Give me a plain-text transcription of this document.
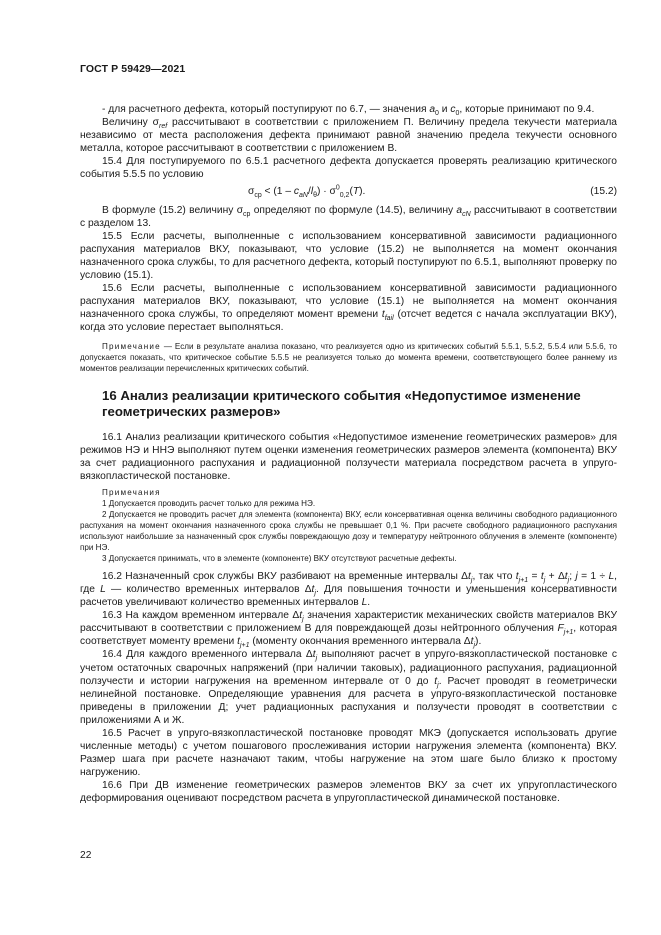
ГОСТ Р 59429—2021

- для расчетного дефекта, который поступируют по 6.7, — значения $a_0$ и $c_0$, которые принимают по 9.4.

Величину $\sigma_{ref}$ рассчитывают в соответствии с приложением П. Величину предела текучести материала независимо от места расположения дефекта принимают равной значению предела текучести основного металла, которое рассчитывают в соответствии с приложением В.

15.4 Для поступируемого по 6.5.1 расчетного дефекта допускается проверять реализацию критического события 5.5.5 по условию

$\sigma_{ср} < (1 - c_{aN}/l_\theta) \cdot \sigma^0_{0,2}(T)$.	(15.2)

В формуле (15.2) величину $\sigma_{ср}$ определяют по формуле (14.5), величину $a_{cN}$ рассчитывают в соответствии с разделом 13.

15.5 Если расчеты, выполненные с использованием консервативной зависимости радиационного распухания материалов ВКУ, показывают, что условие (15.2) не выполняется на момент окончания назначенного срока службы, то для расчетного дефекта, который поступируют по 6.5.1, выполняют проверку по условию (15.1).

15.6 Если расчеты, выполненные с использованием консервативной зависимости радиационного распухания материалов ВКУ, показывают, что условие (15.1) не выполняется на момент окончания назначенного срока службы, то определяют момент времени $t_{fail}$ (отсчет ведется с начала эксплуатации ВКУ), когда это условие перестает выполняться.

Примечание — Если в результате анализа показано, что реализуется одно из критических событий 5.5.1, 5.5.2, 5.5.4 или 5.5.6, то допускается показать, что критическое событие 5.5.5 не реализуется только до момента времени, соответствующего более раннему из моментов реализации перечисленных критических событий.

16 Анализ реализации критического события «Недопустимое изменение геометрических размеров»

16.1 Анализ реализации критического события «Недопустимое изменение геометрических размеров» для режимов НЭ и ННЭ выполняют путем оценки изменения геометрических размеров элемента (компонента) ВКУ за счет радиационного распухания и радиационной ползучести материала посредством расчета в упруго-вязкопластической постановке.

Примечания

1 Допускается проводить расчет только для режима НЭ.

2 Допускается не проводить расчет для элемента (компонента) ВКУ, если консервативная оценка величины свободного радиационного распухания на момент окончания назначенного срока службы не превышает 0,1 %. При расчете свободного радиационного распухания используют наибольшие за назначенный срок службы повреждающую дозу и температуру нейтронного облучения в элементе (компоненте) при НЭ.

3 Допускается принимать, что в элементе (компоненте) ВКУ отсутствуют расчетные дефекты.

16.2 Назначенный срок службы ВКУ разбивают на временные интервалы $\Delta t_j$, так что $t_{j+1} = t_j + \Delta t_j$; j = 1 ÷ L, где L — количество временных интервалов $\Delta t_j$. Для повышения точности и уменьшения консервативности расчетов увеличивают количество временных интервалов L.

16.3 На каждом временном интервале $\Delta t_j$ значения характеристик механических свойств материалов ВКУ рассчитывают в соответствии с приложением В для повреждающей дозы нейтронного облучения $F_{j+1}$, которая соответствует моменту времени $t_{j+1}$ (моменту окончания временного интервала $\Delta t_j$).

16.4 Для каждого временного интервала $\Delta t_j$ выполняют расчет в упруго-вязкопластической постановке с учетом остаточных сварочных напряжений (при наличии таковых), радиационного распухания, радиационной ползучести и истории нагружения на временном интервале от 0 до $t_j$. Расчет проводят в геометрически нелинейной постановке. Определяющие уравнения для расчета в упруго-вязкопластической постановке приведены в приложении Д; учет радиационных распухания и ползучести проводят в соответствии с приложениями А и Ж.

16.5 Расчет в упруго-вязкопластической постановке проводят МКЭ (допускается использовать другие численные методы) с учетом пошагового прослеживания истории нагружения элемента (компонента) ВКУ. Размер шага при расчете назначают таким, чтобы нагружение на этом шаге было близко к простому нагружению.

16.6 При ДВ изменение геометрических размеров элементов ВКУ за счет их упругопластического деформирования оценивают посредством расчета в упругопластической динамической постановке.

22
